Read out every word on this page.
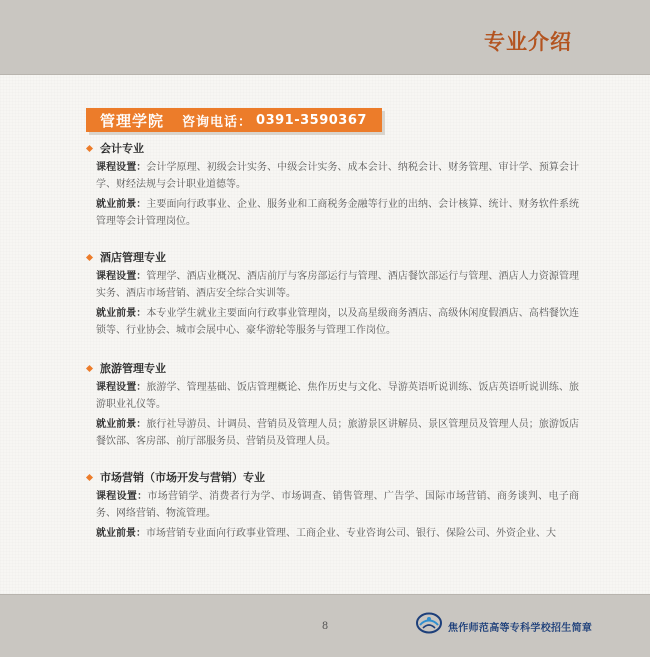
专业介绍
管理学院 咨询电话： 0391-3590367
会计专业

课程设置：会计学原理、初级会计实务、中级会计实务、成本会计、纳税会计、财务管理、审计学、预算会计学、财经法规与会计职业道德等。

就业前景：主要面向行政事业、企业、服务业和工商税务金融等行业的出纳、会计核算、统计、财务软件系统管理等会计管理岗位。

酒店管理专业

课程设置：管理学、酒店业概况、酒店前厅与客房部运行与管理、酒店餐饮部运行与管理、酒店人力资源管理实务、酒店市场营销、酒店安全综合实训等。

就业前景：本专业学生就业主要面向行政事业管理岗，以及高星级商务酒店、高级休闲度假酒店、高档餐饮连锁等、行业协会、城市会展中心、豪华游轮等服务与管理工作岗位。

旅游管理专业

课程设置：旅游学、管理基础、饭店管理概论、焦作历史与文化、导游英语听说训练、饭店英语听说训练、旅游职业礼仪等。

就业前景：旅行社导游员、计调员、营销员及管理人员；旅游景区讲解员、景区管理员及管理人员；旅游饭店餐饮部、客房部、前厅部服务员、营销员及管理人员。

市场营销（市场开发与营销）专业

课程设置：市场营销学、消费者行为学、市场调查、销售管理、广告学、国际市场营销、商务谈判、电子商务、网络营销、物流管理。

就业前景：市场营销专业面向行政事业管理、工商企业、专业咨询公司、银行、保险公司、外资企业、大

8	焦作师范高等专科学校招生简章
